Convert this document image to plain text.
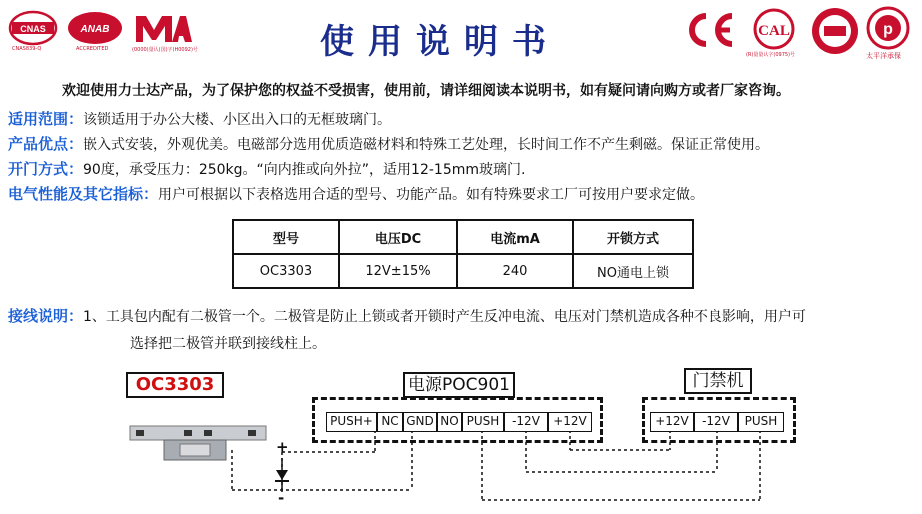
CNAS
CNAS839-Q
ANAB
ACCREDITED	(0000)量认(国)字(H0092)号	使用说明书	CAL
(R)量量认字(0975)号
p
太平洋承保
欢迎使用力士达产品，为了保护您的权益不受损害，使用前，请详细阅读本说明书，如有疑问请向购方或者厂家咨询。
适用范围：该锁适用于办公大楼、小区出入口的无框玻璃门。
产品优点：嵌入式安装，外观优美。电磁部分选用优质造磁材料和特殊工艺处理，长时间工作不产生剩磁。保证正常使用。
开门方式：90度，承受压力：250kg。“向内推或向外拉”，适用12-15mm玻璃门.
电气性能及其它指标：用户可根据以下表格选用合适的型号、功能产品。如有特殊要求工厂可按用户要求定做。
型号	电压DC	电流mA	开锁方式
OC3303	12V±15%	240	NO通电上锁
接线说明：1、工具包内配有二极管一个。二极管是防止上锁或者开锁时产生反冲电流、电压对门禁机造成各种不良影响，用户可
选择把二极管并联到接线柱上。
OC3303
+
-
电源POC901
PUSH+ NC GND NO PUSH	-12V	+12V
门禁机
+12V	-12V	PUSH
